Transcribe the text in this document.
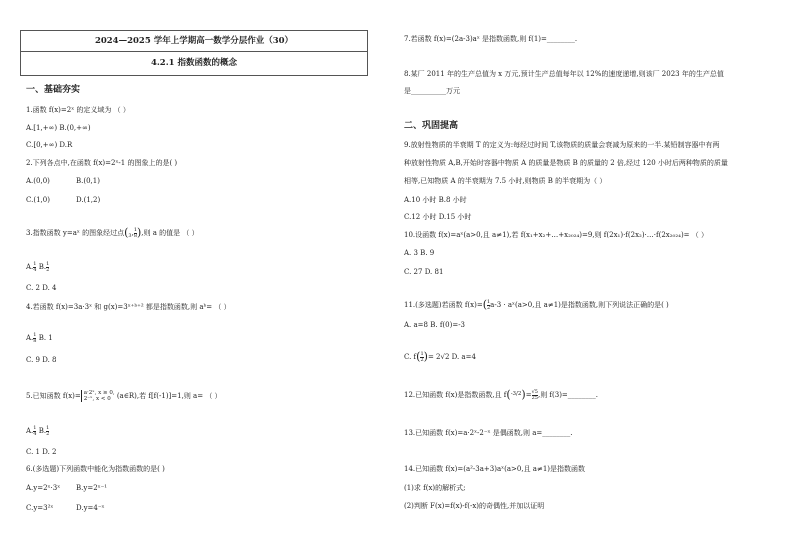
2024—2025 学年上学期高一数学分层作业（30）
4.2.1 指数函数的概念
一、基础夯实
1.函数 f(x)=2ˣ 的定义域为 （ ）
A.[1,+∞) B.(0,+∞)
C.[0,+∞) D.R
2.下列各点中,在函数 f(x)=2ˣ-1 的图象上的是( )
A.(0,0)	B.(0,1)
C.(1,0)	D.(1,2)
3.指数函数 y=aˣ 的图象经过点( 3 , $\frac{1}{8}$ ),则 a 的值是 （ ）
A. $\frac{1}{4} B$. $\frac{1}{2}$
C. 2 D. 4
4.若函数 f(x)=3a·3ˣ 和 g(x)=3ˣ⁺ᵇ⁺² 都是指数函数,则 aᵇ= （ ）
A. $\frac{1}{8} B$. 1
C. 9 D. 8
5.已知函数 f(x)= a·2ˣ, x ≥ 0,
2⁻ˣ, x < 0 (a∈R),若 f[f(-1)]=1,则 a= （ ）
A. $\frac{1}{4} B$. $\frac{1}{2}$
C. 1 D. 2
6.(多选题)下列函数中能化为指数函数的是( )
A.y=2ˣ·3ˣ B.y=2ˣ⁻¹
C.y=3²ˣ	D.y=4⁻ˣ
7.若函数 f(x)=(2a-3)aˣ 是指数函数,则 f(1)=________.
8.某厂 2011 年的生产总值为 x 万元,预计生产总值每年以 12%的速度递增,则该厂 2023 年的生产总值
是__________万元
二、巩固提高
9.放射性物质的半衰期 T 的定义为:每经过时间 T,该物质的质量会衰减为原来的一半.某铅制容器中有两
种放射性物质 A,B,开始时容器中物质 A 的质量是物质 B 的质量的 2 倍,经过 120 小时后两种物质的质量
相等,已知物质 A 的半衰期为 7.5 小时,则物质 B 的半衰期为（ ）
A.10 小时 B.8 小时
C.12 小时 D.15 小时
10.设函数 f(x)=aˣ(a>0,且 a≠1),若 f(x₁+x₂+…+x₂₀₂₄)=9,则 f(2x₁)·f(2x₂)·…·f(2x₂₀₂₄)= （ ）
A. 3 B. 9
C. 27 D. 81
11.(多选题)若函数 $f(x)=( \frac{1}{2} a-3$ · aˣ(a>0,且 a≠1)是指数函数,则下列说法正确的是( )
A. a=8 B. f(0)=-3
C. $f( \frac{1}{2}$ )= 2√2 D. a=4
12.已知函数 f(x)是指数函数,且 $f(^{-3/2})= \frac{√5}{25}$ ,则 f(3)=________.
13.已知函数 f(x)=a·2ˣ-2⁻ˣ 是偶函数,则 a=________.
14.已知函数 f(x)=(a²-3a+3)aˣ(a>0,且 a≠1)是指数函数
(1)求 f(x)的解析式;
(2)判断 F(x)=f(x)-f(-x)的奇偶性,并加以证明
